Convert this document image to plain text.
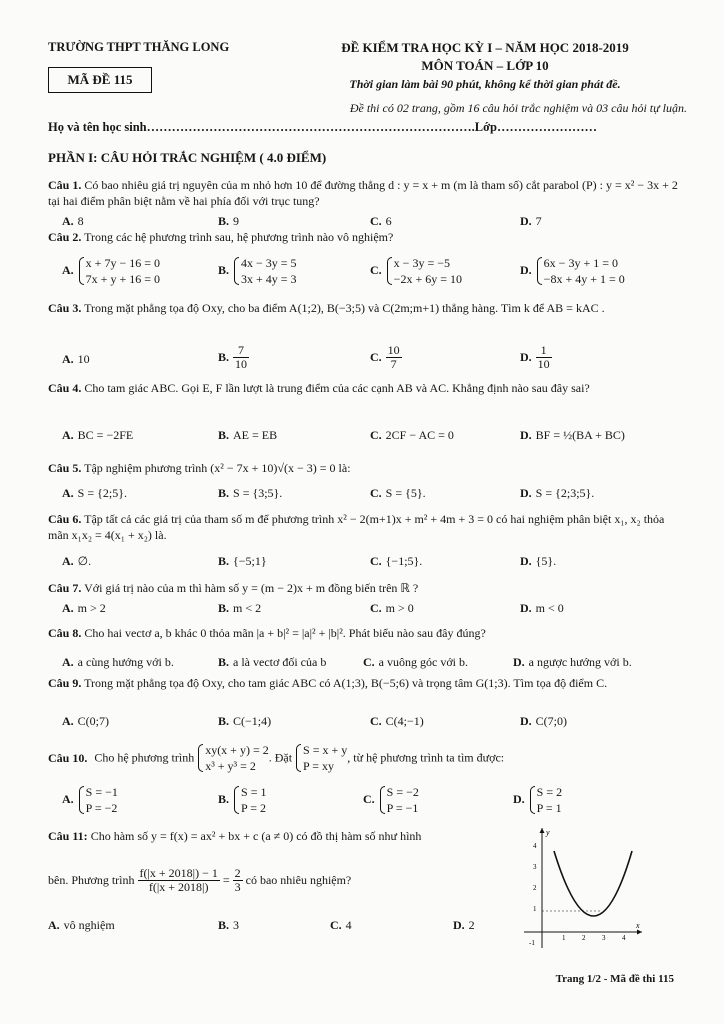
TRƯỜNG THPT THĂNG LONG
MÃ ĐỀ 115
ĐỀ KIỂM TRA HỌC KỲ I – NĂM HỌC 2018-2019
MÔN TOÁN – LỚP 10
Thời gian làm bài 90 phút, không kể thời gian phát đề.
Đề thi có 02 trang, gồm 16 câu hỏi trắc nghiệm và 03 câu hỏi tự luận.
Họ và tên học sinh…………………………………………………………………….Lớp……………………
PHẦN I: CÂU HỎI TRẮC NGHIỆM ( 4.0 ĐIỂM)
Câu 1. Có bao nhiêu giá trị nguyên của m nhỏ hơn 10 để đường thẳng d : y = x + m (m là tham số) cắt parabol (P) : y = x² − 3x + 2 tại hai điểm phân biệt nằm về hai phía đối với trục tung?
A. 8	B. 9	C. 6	D. 7
Câu 2. Trong các hệ phương trình sau, hệ phương trình nào vô nghiệm?
A. x + 7y − 16 = 0
7x + y + 16 = 0
B. 4x − 3y = 5
3x + 4y = 3
C. x − 3y = −5
−2x + 6y = 10
D. 6x − 3y + 1 = 0
−8x + 4y + 1 = 0
Câu 3. Trong mặt phẳng tọa độ Oxy, cho ba điểm A(1;2), B(−3;5) và C(2m;m+1) thẳng hàng. Tìm k để AB = kAC .
A. 10	B. $\frac{7}{10}$	C. $\frac{10}{7}$	D. $\frac{1}{10}$
Câu 4. Cho tam giác ABC. Gọi E, F lần lượt là trung điểm của các cạnh AB và AC. Khẳng định nào sau đây sai?
A. BC = −2FE	B. AE = EB	C. 2CF − AC = 0	D. BF = ½(BA + BC)
Câu 5. Tập nghiệm phương trình (x² − 7x + 10)√(x − 3) = 0 là:
A. S = {2;5}.	B. S = {3;5}.	C. S = {5}.	D. S = {2;3;5}.
Câu 6. Tập tất cả các giá trị của tham số m để phương trình x² − 2(m+1)x + m² + 4m + 3 = 0 có hai nghiệm phân biệt x₁, x₂ thỏa mãn x₁x₂ = 4(x₁ + x₂) là.
A. ∅.	B. {−5;1}	C. {−1;5}.	D. {5}.
Câu 7. Với giá trị nào của m thì hàm số y = (m − 2)x + m đồng biến trên ℝ ?
A. m > 2	B. m < 2	C. m > 0	D. m < 0
Câu 8. Cho hai vectơ a, b khác 0 thỏa mãn |a + b|² = |a|² + |b|². Phát biểu nào sau đây đúng?
A. a cùng hướng với b.	B. a là vectơ đối của b	C. a vuông góc với b.	D. a ngược hướng với b.
Câu 9. Trong mặt phẳng tọa độ Oxy, cho tam giác ABC có A(1;3), B(−5;6) và trọng tâm G(1;3). Tìm tọa độ điểm C.
A. C(0;7)	B. C(−1;4)	C. C(4;−1)	D. C(7;0)
Câu 10. Cho hệ phương trình
xy(x + y) = 2
x³ + y³ = 2
. Đặt
S = x + y
P = xy
, từ hệ phương trình ta tìm được:
A. S = −1
P = −2
B. S = 1
P = 2
C. S = −2
P = −1
D. S = 2
P = 1
Câu 11: Cho hàm số y = f(x) = ax² + bx + c (a ≠ 0) có đồ thị hàm số như hình
bên. Phương trình $\frac{f(|x + 2018|) - 1}{f(|x + 2018|)} = \frac{2}{3}$ có bao nhiêu nghiệm?
A. vô nghiệm	B. 3	C. 4	D. 2
y
x
4
3
2
1
-1
1 2 3 4
Trang 1/2 - Mã đề thi 115
